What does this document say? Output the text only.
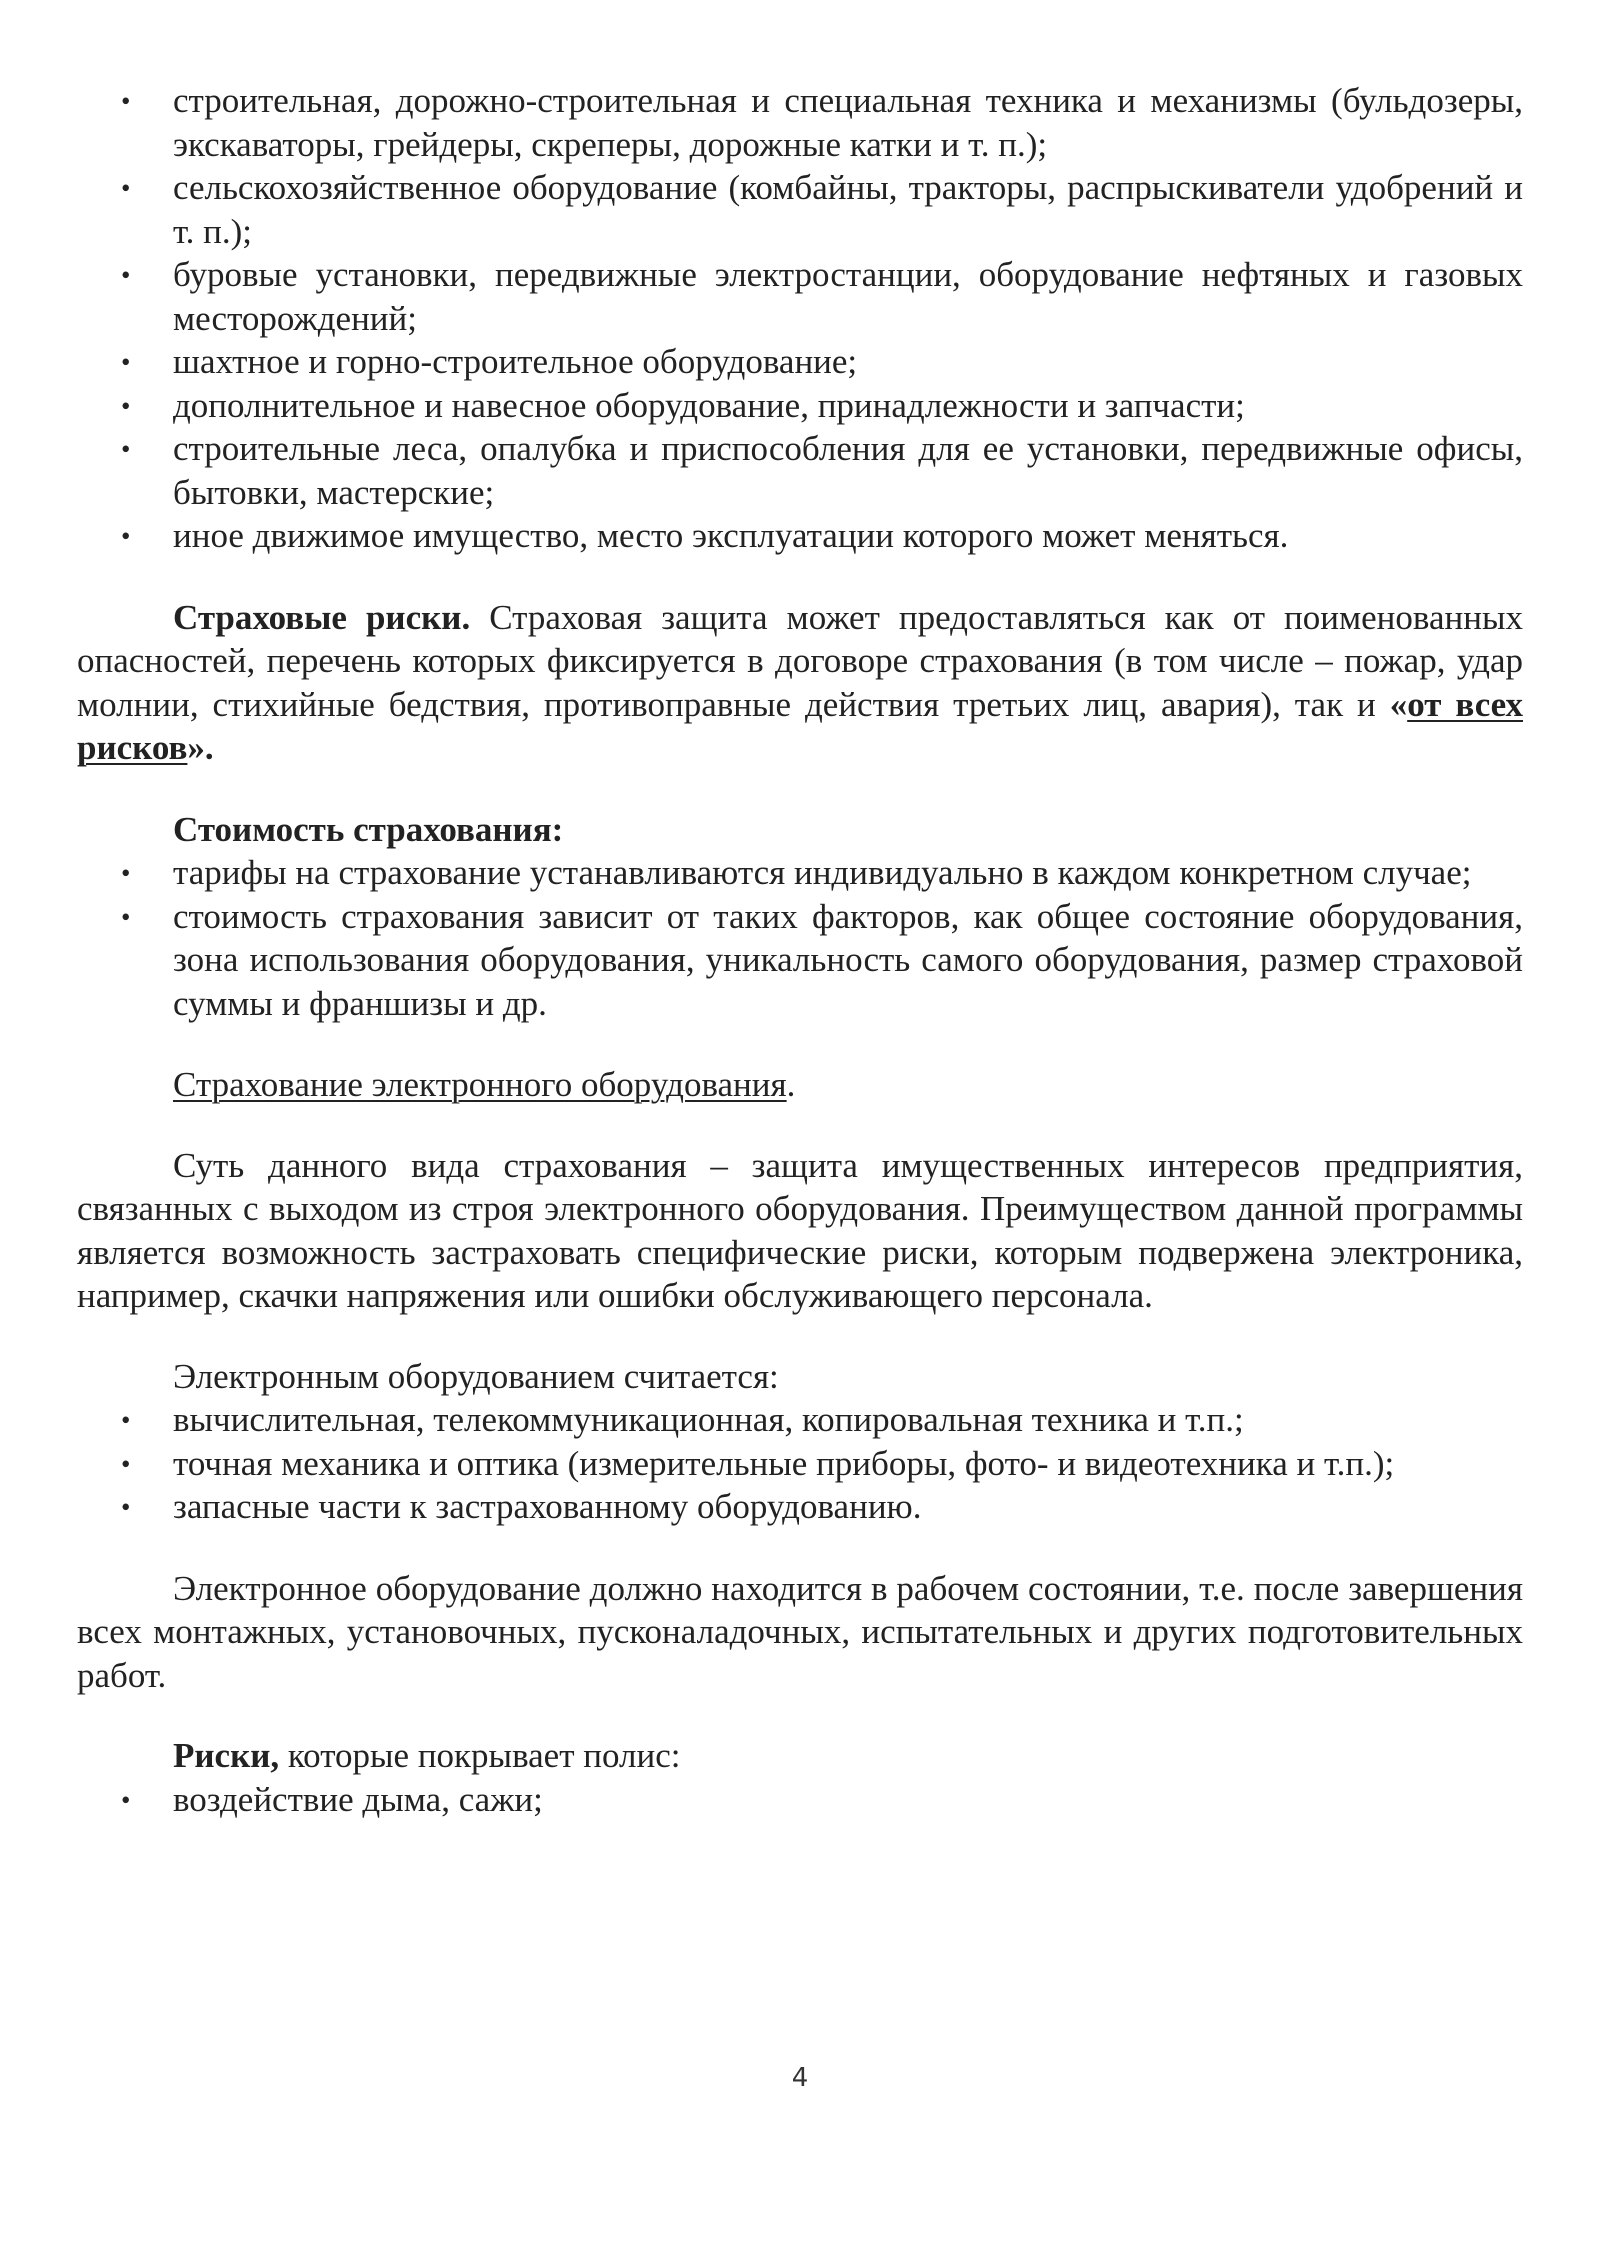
• строительная, дорожно-строительная и специальная техника и механизмы (бульдозеры, экскаваторы, грейдеры, скреперы, дорожные катки и т. п.);
• сельскохозяйственное оборудование (комбайны, тракторы, распрыскиватели удобрений и т. п.);
• буровые установки, передвижные электростанции, оборудование нефтяных и газовых месторождений;
• шахтное и горно-строительное оборудование;
• дополнительное и навесное оборудование, принадлежности и запчасти;
• строительные леса, опалубка и приспособления для ее установки, передвижные офисы, бытовки, мастерские;
• иное движимое имущество, место эксплуатации которого может меняться.

Страховые риски. Страховая защита может предоставляться как от поименованных опасностей, перечень которых фиксируется в договоре страхования (в том числе – пожар, удар молнии, стихийные бедствия, противоправные действия третьих лиц, авария), так и «от всех рисков».

Стоимость страхования:

• тарифы на страхование устанавливаются индивидуально в каждом конкретном случае;
• стоимость страхования зависит от таких факторов, как общее состояние оборудования, зона использования оборудования, уникальность самого оборудования, размер страховой суммы и франшизы и др.

Страхование электронного оборудования.

Суть данного вида страхования – защита имущественных интересов предприятия, связанных с выходом из строя электронного оборудования. Преимуществом данной программы является возможность застраховать специфические риски, которым подвержена электроника, например, скачки напряжения или ошибки обслуживающего персонала.

Электронным оборудованием считается:

• вычислительная, телекоммуникационная, копировальная техника и т.п.;
• точная механика и оптика (измерительные приборы, фото- и видеотехника и т.п.);
• запасные части к застрахованному оборудованию.

Электронное оборудование должно находится в рабочем состоянии, т.е. после завершения всех монтажных, установочных, пусконаладочных, испытательных и других подготовительных работ.

Риски, которые покрывает полис:

• воздействие дыма, сажи;
4
